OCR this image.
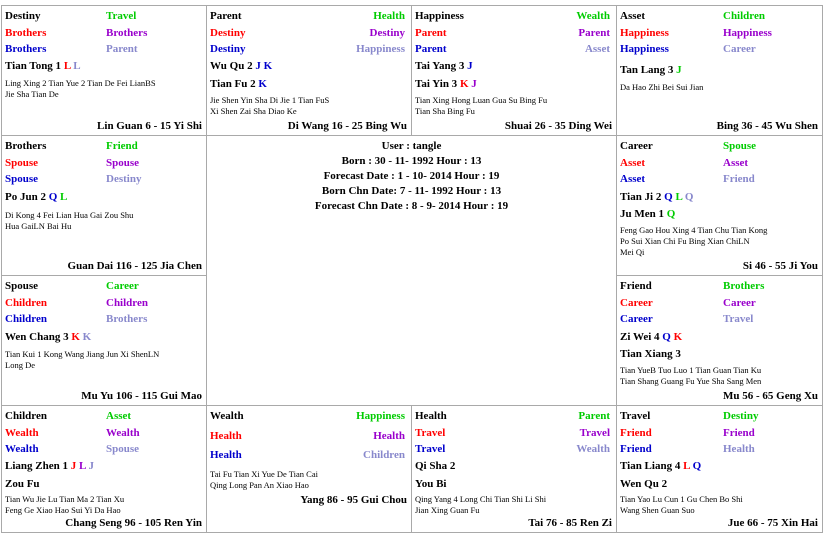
Destiny	Travel
Brothers	Brothers
Brothers	Parent
Tian Tong 1 L L
Ling Xing 2 Tian Yue 2 Tian De Fei LianBS
Jie Sha Tian De
Lin Guan 6 - 15 Yi Shi
Parent	Health
Destiny	Destiny
Destiny	Happiness
Wu Qu 2 J K
Tian Fu 2 K
Jie Shen Yin Sha Di Jie 1 Tian FuS
Xi Shen Zai Sha Diao Ke
Di Wang 16 - 25 Bing Wu
Happiness	Wealth
Parent	Parent
Parent	Asset
Tai Yang 3 J
Tai Yin 3 K J
Tian Xing Hong Luan Gua Su Bing Fu
Tian Sha Bing Fu
Shuai 26 - 35 Ding Wei
Asset	Children
Happiness	Happiness
Happiness	Career
Tan Lang 3 J
Da Hao Zhi Bei Sui Jian
Bing 36 - 45 Wu Shen
Brothers	Friend
Spouse	Spouse
Spouse	Destiny
Po Jun 2 Q L
Di Kong 4 Fei Lian Hua Gai Zou Shu
Hua GaiLN Bai Hu
Guan Dai 116 - 125 Jia Chen
User : tangle
Born : 30 - 11- 1992 Hour : 13
Forecast Date : 1 - 10- 2014 Hour : 19
Born Chn Date: 7 - 11- 1992 Hour : 13
Forecast Chn Date : 8 - 9- 2014 Hour : 19
Career	Spouse
Asset	Asset
Asset	Friend
Tian Ji 2 Q L Q
Ju Men 1 Q
Feng Gao Hou Xing 4 Tian Chu Tian Kong
Po Sui Xian Chi Fu Bing Xian ChiLN
Mei Qi
Si 46 - 55 Ji You
Spouse	Career
Children	Children
Children	Brothers
Wen Chang 3 K K
Tian Kui 1 Kong Wang Jiang Jun Xi ShenLN
Long De
Mu Yu 106 - 115 Gui Mao
Friend	Brothers
Career	Career
Career	Travel
Zi Wei 4 Q K
Tian Xiang 3
Tian YueB Tuo Luo 1 Tian Guan Tian Ku
Tian Shang Guang Fu Yue Sha Sang Men
Mu 56 - 65 Geng Xu
Children	Asset
Wealth	Wealth
Wealth	Spouse
Liang Zhen 1 J L J
Zou Fu
Tian Wu Jie Lu Tian Ma 2 Tian Xu
Feng Ge Xiao Hao Sui Yi Da Hao
Chang Seng 96 - 105 Ren Yin
Wealth	Happiness
Health	Health
Health	Children
Tai Fu Tian Xi Yue De Tian Cai
Qing Long Pan An Xiao Hao
Yang 86 - 95 Gui Chou
Health	Parent
Travel	Travel
Travel	Wealth
Qi Sha 2
You Bi
Qing Yang 4 Long Chi Tian Shi Li Shi
Jian Xing Guan Fu
Tai 76 - 85 Ren Zi
Travel	Destiny
Friend	Friend
Friend	Health
Tian Liang 4 L Q
Wen Qu 2
Tian Yao Lu Cun 1 Gu Chen Bo Shi
Wang Shen Guan Suo
Jue 66 - 75 Xin Hai
